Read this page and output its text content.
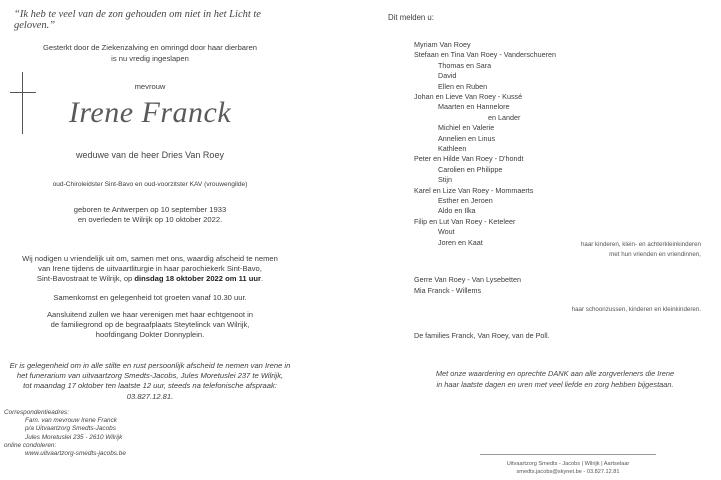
“Ik heb te veel van de zon gehouden om niet in het Licht te geloven.”
Gesterkt door de Ziekenzalving en omringd door haar dierbaren
is nu vredig ingeslapen
mevrouw
Irene Franck
weduwe van de heer Dries Van Roey
oud-Chiroleidster Sint-Bavo en oud-voorzitster KAV (vrouwengilde)
geboren te Antwerpen op 10 september 1933
en overleden te Wilrijk op 10 oktober 2022.
Wij nodigen u vriendelijk uit om, samen met ons, waardig afscheid te nemen
van Irene tijdens de uitvaartliturgie in haar parochiekerk Sint-Bavo,
Sint-Bavostraat te Wilrijk, op dinsdag 18 oktober 2022 om 11 uur.
Samenkomst en gelegenheid tot groeten vanaf 10.30 uur.
Aansluitend zullen we haar verenigen met haar echtgenoot in
de familiegrond op de begraafplaats Steytelinck van Wilrijk,
hoofdingang Dokter Donnyplein.
Er is gelegenheid om in alle stilte en rust persoonlijk afscheid te nemen van Irene in
het funerarium van uitvaartzorg Smedts-Jacobs, Jules Moretuslei 237 te Wilrijk,
tot maandag 17 oktober ten laatste 12 uur, steeds na telefonische afspraak: 03.827.12.81.
Correspondentieadres:
Fam. van mevrouw Irene Franck
p/a Uitvaartzorg Smedts-Jacobs
Jules Moretuslei 235 - 2610 Wilrijk
online condoleren:
www.uitvaartzorg-smedts-jacobs.be
Dit melden u:
Myriam Van Roey
Stefaan en Tina Van Roey - Vanderschueren
Thomas en Sara
David
Ellen en Ruben
Johan en Lieve Van Roey - Kussé
Maarten en Hannelore
en Lander
Michiel en Valerie
Annelien en Linus
Kathleen
Peter en Hilde Van Roey - D'hondt
Carolien en Philippe
Stijn
Karel en Lize Van Roey - Mommaerts
Esther en Jeroen
Aldo en Ilka
Filip en Lut Van Roey - Keteleer
Wout
Joren en Kaat	haar kinderen, klein- en achterkleinkinderen
met hun vrienden en vriendinnen,
Gerre Van Roey - Van Lysebetten
Mia Franck - Willems
haar schoonzussen, kinderen en kleinkinderen.
De families Franck, Van Roey, van de Poll.
Met onze waardering en oprechte DANK aan alle zorgverleners die Irene
in haar laatste dagen en uren met veel liefde en zorg hebben bijgestaan.
Uitvaartzorg Smedts - Jacobs | Wilrijk | Aartselaar
smedts.jacobs@skynet.be - 03.827.12.81
